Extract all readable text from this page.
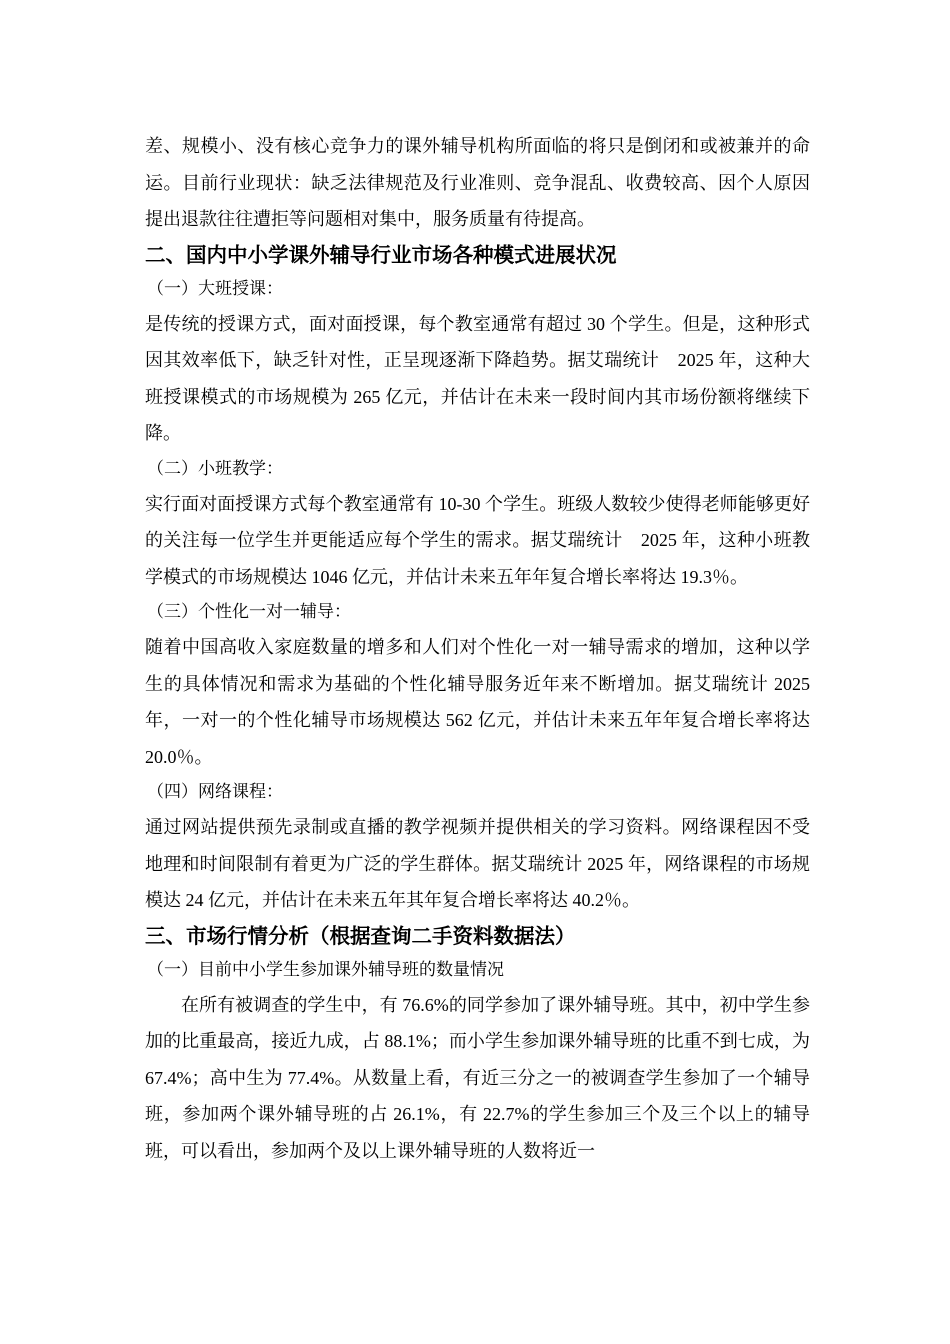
差、规模小、没有核心竞争力的课外辅导机构所面临的将只是倒闭和或被兼并的命运。目前行业现状：缺乏法律规范及行业准则、竞争混乱、收费较高、因个人原因提出退款往往遭拒等问题相对集中，服务质量有待提高。

二、国内中小学课外辅导行业市场各种模式进展状况

（一）大班授课：

是传统的授课方式，面对面授课，每个教室通常有超过 30 个学生。但是，这种形式因其效率低下，缺乏针对性，正呈现逐渐下降趋势。据艾瑞统计　2025 年，这种大班授课模式的市场规模为 265 亿元，并估计在未来一段时间内其市场份额将继续下降。

（二）小班教学：

实行面对面授课方式每个教室通常有 10-30 个学生。班级人数较少使得老师能够更好的关注每一位学生并更能适应每个学生的需求。据艾瑞统计　2025 年，这种小班教学模式的市场规模达 1046 亿元，并估计未来五年年复合增长率将达 19.3％。

（三）个性化一对一辅导：

随着中国高收入家庭数量的增多和人们对个性化一对一辅导需求的增加，这种以学生的具体情况和需求为基础的个性化辅导服务近年来不断增加。据艾瑞统计 2025 年，一对一的个性化辅导市场规模达 562 亿元，并估计未来五年年复合增长率将达 20.0％。

（四）网络课程：

通过网站提供预先录制或直播的教学视频并提供相关的学习资料。网络课程因不受地理和时间限制有着更为广泛的学生群体。据艾瑞统计 2025 年，网络课程的市场规模达 24 亿元，并估计在未来五年其年复合增长率将达 40.2％。

三、市场行情分析（根据查询二手资料数据法）

（一）目前中小学生参加课外辅导班的数量情况

在所有被调查的学生中，有 76.6%的同学参加了课外辅导班。其中，初中学生参加的比重最高，接近九成，占 88.1%；而小学生参加课外辅导班的比重不到七成，为 67.4%；高中生为 77.4%。从数量上看，有近三分之一的被调查学生参加了一个辅导班，参加两个课外辅导班的占 26.1%，有 22.7%的学生参加三个及三个以上的辅导班，可以看出，参加两个及以上课外辅导班的人数将近一
